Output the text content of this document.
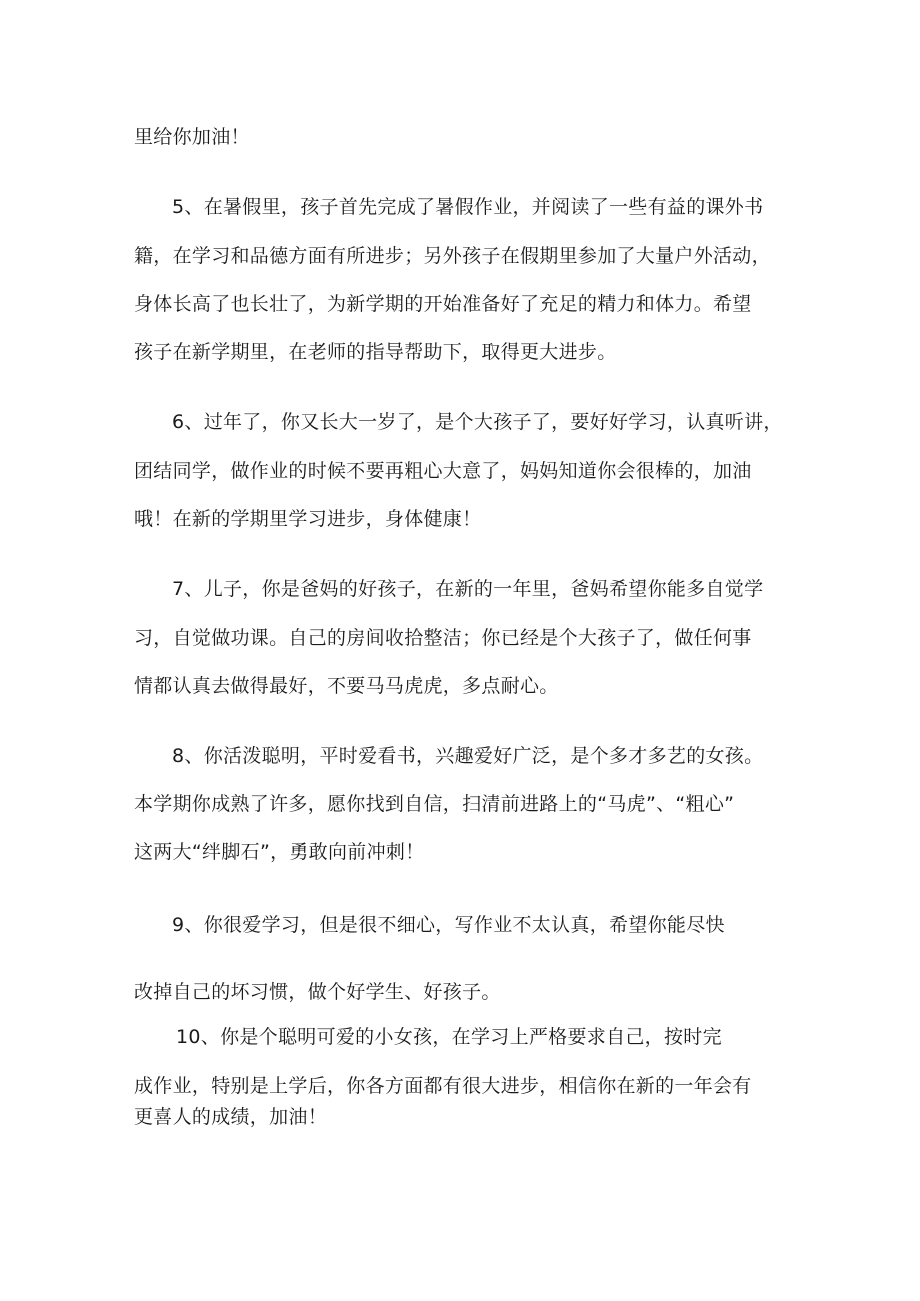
里给你加油！
5、在暑假里，孩子首先完成了暑假作业，并阅读了一些有益的课外书
籍，在学习和品德方面有所进步；另外孩子在假期里参加了大量户外活动，
身体长高了也长壮了，为新学期的开始准备好了充足的精力和体力。希望
孩子在新学期里，在老师的指导帮助下，取得更大进步。
6、过年了，你又长大一岁了，是个大孩子了，要好好学习，认真听讲，
团结同学，做作业的时候不要再粗心大意了，妈妈知道你会很棒的，加油
哦！在新的学期里学习进步，身体健康！
7、儿子，你是爸妈的好孩子，在新的一年里，爸妈希望你能多自觉学
习，自觉做功课。自己的房间收拾整洁；你已经是个大孩子了，做任何事
情都认真去做得最好，不要马马虎虎，多点耐心。
8、你活泼聪明，平时爱看书，兴趣爱好广泛，是个多才多艺的女孩。
本学期你成熟了许多，愿你找到自信，扫清前进路上的“马虎”、“粗心”
这两大“绊脚石”，勇敢向前冲刺！
9、你很爱学习，但是很不细心，写作业不太认真，希望你能尽快
改掉自己的坏习惯，做个好学生、好孩子。
10、你是个聪明可爱的小女孩，在学习上严格要求自己，按时完
成作业，特别是上学后，你各方面都有很大进步，相信你在新的一年会有
更喜人的成绩，加油！
